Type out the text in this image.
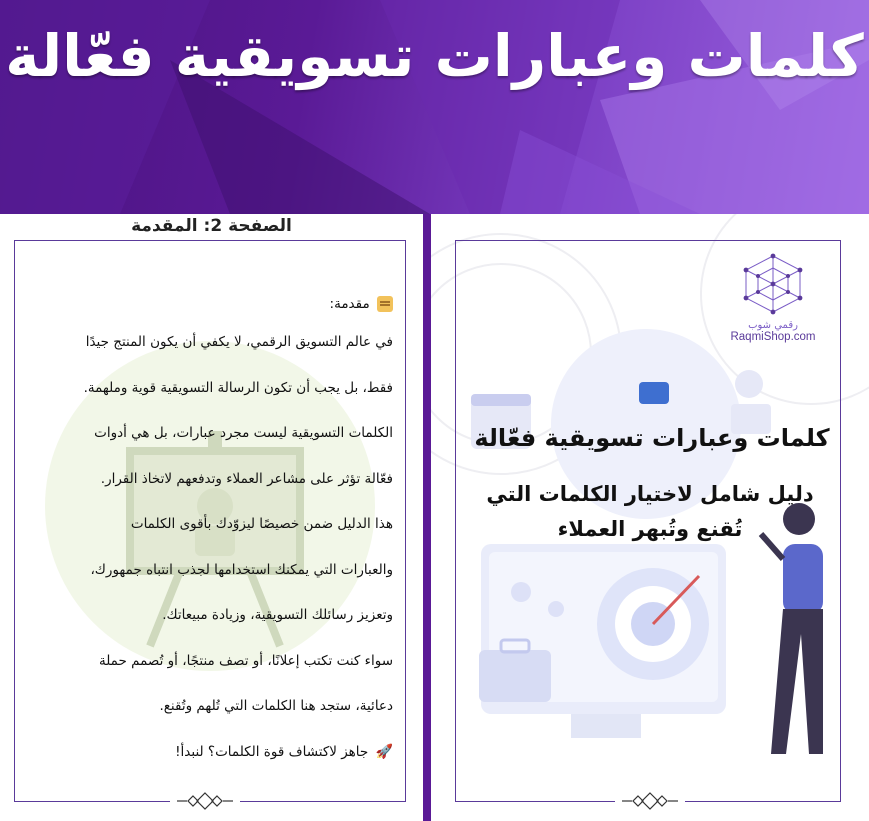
كلمات وعبارات تسويقية فعّالة
الصفحة 2: المقدمة
مقدمة:
في عالم التسويق الرقمي، لا يكفي أن يكون المنتج جيدًا
فقط، بل يجب أن تكون الرسالة التسويقية قوية وملهمة.
الكلمات التسويقية ليست مجرد عبارات، بل هي أدوات
فعّالة تؤثر على مشاعر العملاء وتدفعهم لاتخاذ القرار.
هذا الدليل ضمن خصيصًا ليزوّدك بأقوى الكلمات
والعبارات التي يمكنك استخدامها لجذب انتباه جمهورك،
وتعزيز رسائلك التسويقية، وزيادة مبيعاتك.
سواء كنت تكتب إعلانًا، أو تصف منتجًا، أو تُصمم حملة
دعائية، ستجد هنا الكلمات التي تُلهم وتُقنع.
🚀 جاهز لاكتشاف قوة الكلمات؟ لنبدأ!
رقمي شوب
RaqmiShop.com
كلمات وعبارات تسويقية فعّالة
دليل شامل لاختيار الكلمات التي
تُقنع وتُبهر العملاء
